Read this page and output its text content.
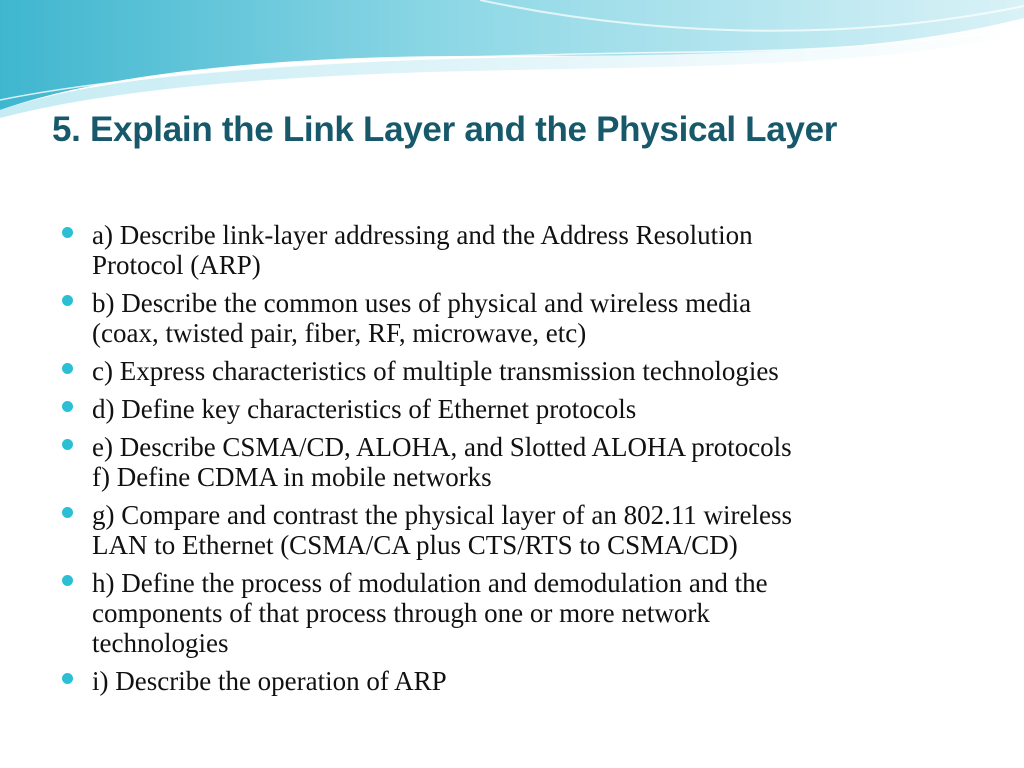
5. Explain the Link Layer and the Physical Layer
a) Describe link-layer addressing and the Address Resolution
Protocol (ARP)
b) Describe the common uses of physical and wireless media
(coax, twisted pair, fiber, RF, microwave, etc)
c) Express characteristics of multiple transmission technologies
d) Define key characteristics of Ethernet protocols
e) Describe CSMA/CD, ALOHA, and Slotted ALOHA protocols
f) Define CDMA in mobile networks
g) Compare and contrast the physical layer of an 802.11 wireless
LAN to Ethernet (CSMA/CA plus CTS/RTS to CSMA/CD)
h) Define the process of modulation and demodulation and the
components of that process through one or more network
technologies
i) Describe the operation of ARP
